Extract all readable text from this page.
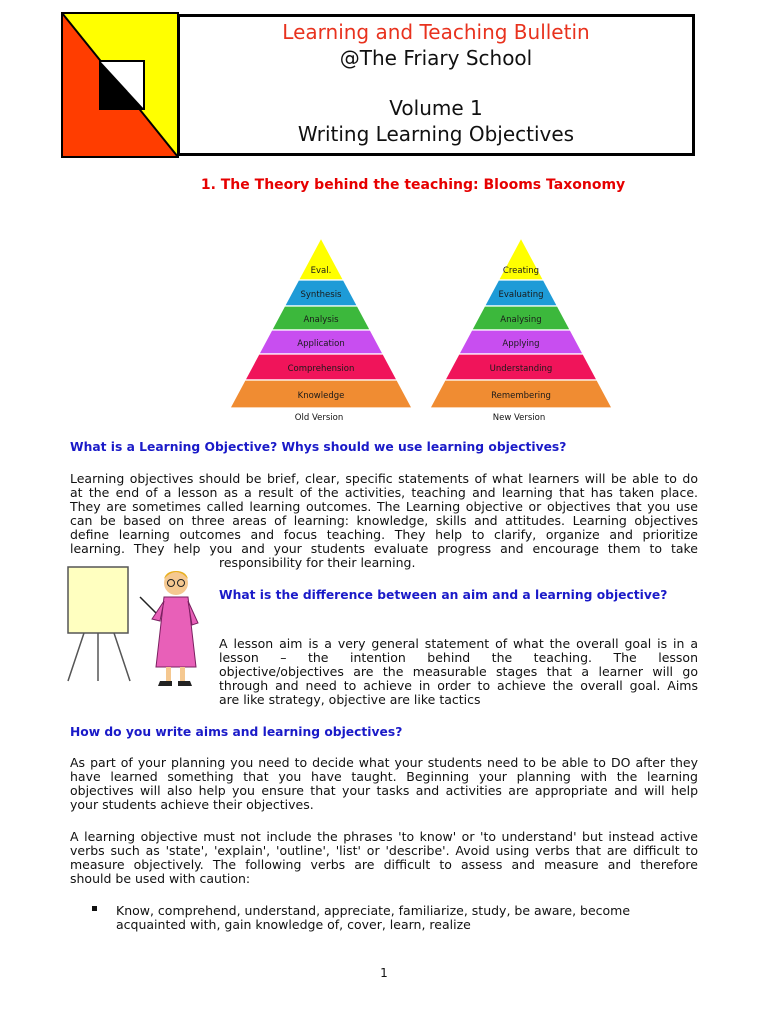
Learning and Teaching Bulletin
@The Friary School
Volume 1
Writing Learning Objectives
1. The Theory behind the teaching: Blooms Taxonomy
Eval.
Synthesis
Analysis
Application
Comprehension
Knowledge
Old Version
Creating
Evaluating
Analysing
Applying
Understanding
Remembering
New Version
What is a Learning Objective? Whys should we use learning objectives?
Learning objectives should be brief, clear, specific statements of what learners will be able to do
at the end of a lesson as a result of the activities, teaching and learning that has taken place.
They are sometimes called learning outcomes. The Learning objective or objectives that you use
can be based on three areas of learning: knowledge, skills and attitudes. Learning objectives
define learning outcomes and focus teaching. They help to clarify, organize and prioritize
learning. They help you and your students evaluate progress and encourage them to take
responsibility for their learning.
What is the difference between an aim and a learning objective?
A lesson aim is a very general statement of what the overall goal is in a
lesson – the intention behind the teaching. The lesson
objective/objectives are the measurable stages that a learner will go
through and need to achieve in order to achieve the overall goal. Aims
are like strategy, objective are like tactics
How do you write aims and learning objectives?
As part of your planning you need to decide what your students need to be able to DO after they
have learned something that you have taught. Beginning your planning with the learning
objectives will also help you ensure that your tasks and activities are appropriate and will help
your students achieve their objectives.
A learning objective must not include the phrases 'to know' or 'to understand' but instead active
verbs such as 'state', 'explain', 'outline', 'list' or 'describe'. Avoid using verbs that are difficult to
measure objectively. The following verbs are difficult to assess and measure and therefore
should be used with caution:
Know, comprehend, understand, appreciate, familiarize, study, be aware, become acquainted with, gain knowledge of, cover, learn, realize
1
